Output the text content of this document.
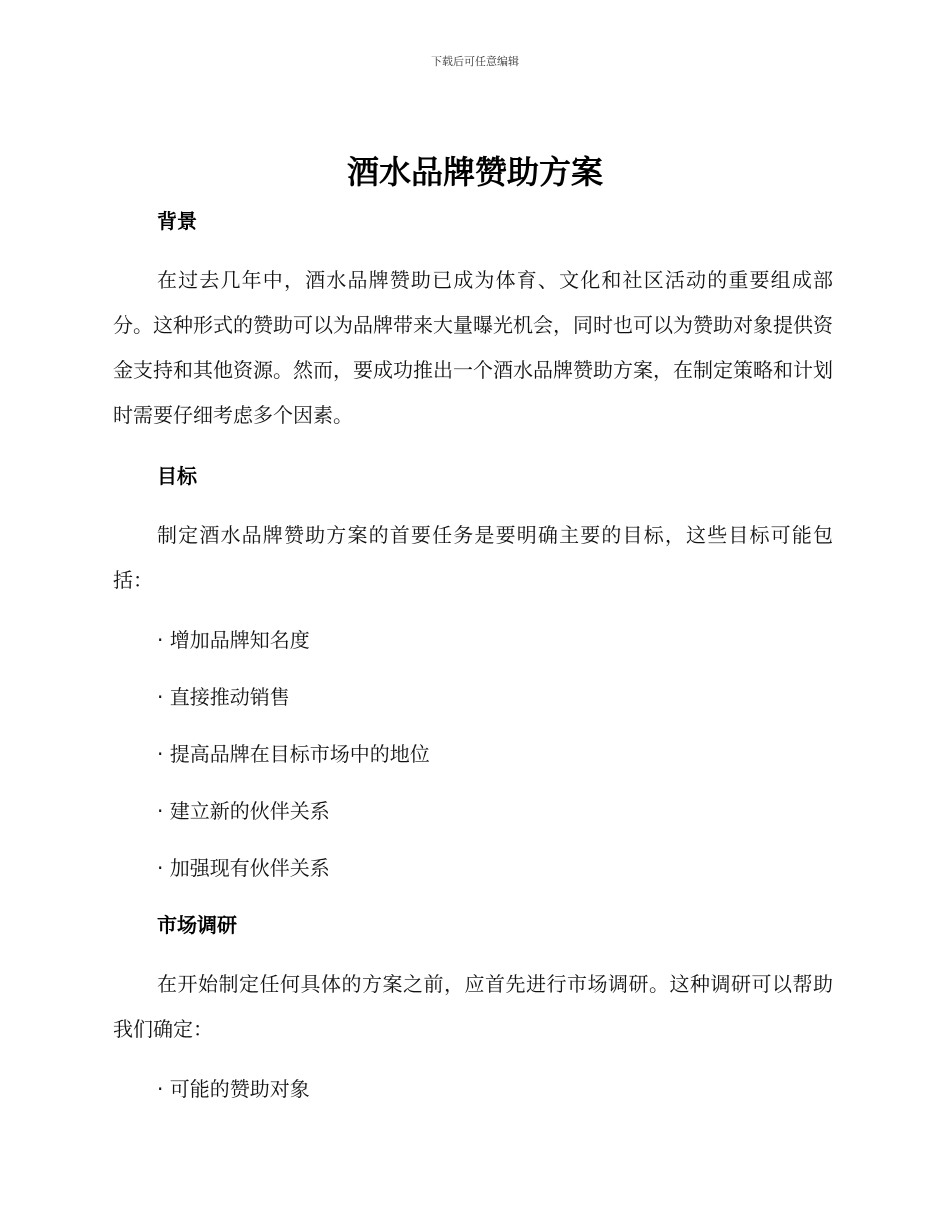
下载后可任意编辑
酒水品牌赞助方案
背景

在过去几年中，酒水品牌赞助已成为体育、文化和社区活动的重要组成部分。这种形式的赞助可以为品牌带来大量曝光机会，同时也可以为赞助对象提供资金支持和其他资源。然而，要成功推出一个酒水品牌赞助方案，在制定策略和计划时需要仔细考虑多个因素。

目标

制定酒水品牌赞助方案的首要任务是要明确主要的目标，这些目标可能包括：

· 增加品牌知名度
· 直接推动销售
· 提高品牌在目标市场中的地位
· 建立新的伙伴关系
· 加强现有伙伴关系
市场调研

在开始制定任何具体的方案之前，应首先进行市场调研。这种调研可以帮助我们确定：

· 可能的赞助对象
